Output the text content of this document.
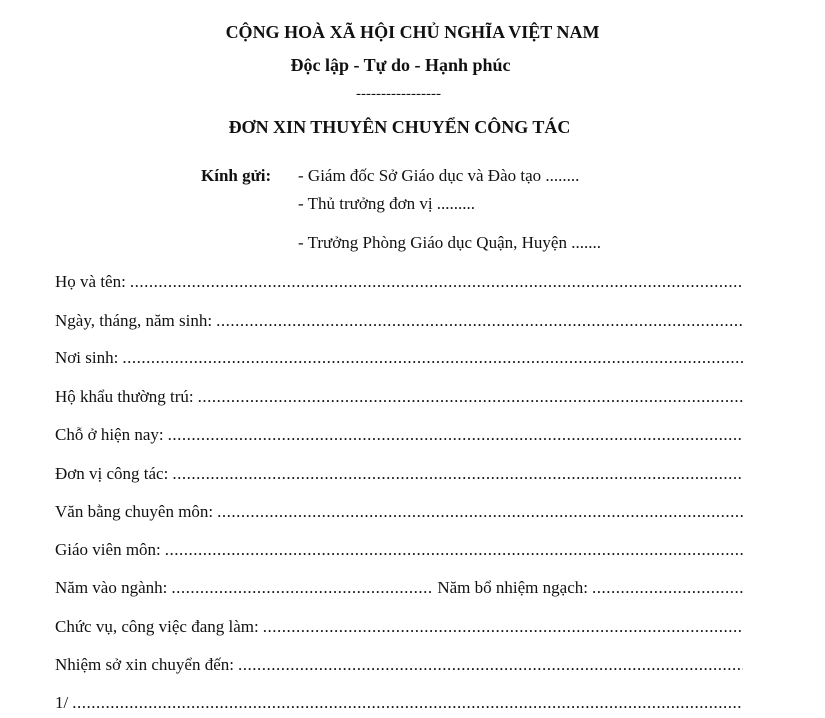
CỘNG HOÀ XÃ HỘI CHỦ NGHĨA VIỆT NAM
Độc lập - Tự do - Hạnh phúc
-----------------
ĐƠN XIN THUYÊN CHUYỂN CÔNG TÁC
Kính gửi: - Giám đốc Sở Giáo dục và Đào tạo ........
- Thủ trưởng đơn vị .........
- Trưởng Phòng Giáo dục Quận, Huyện .......
Họ và tên:
.....
Ngày, tháng, năm sinh:
.....
Nơi sinh:
.....
Hộ khẩu thường trú:
.....
Chỗ ở hiện nay:
.....
Đơn vị công tác:
.....
Văn bằng chuyên môn:
.....
Giáo viên môn:
.....
Năm vào ngành: .....	Năm bổ nhiệm ngạch:
.....
Chức vụ, công việc đang làm:
.....
Nhiệm sở xin chuyển đến:
.....
1/
.....
